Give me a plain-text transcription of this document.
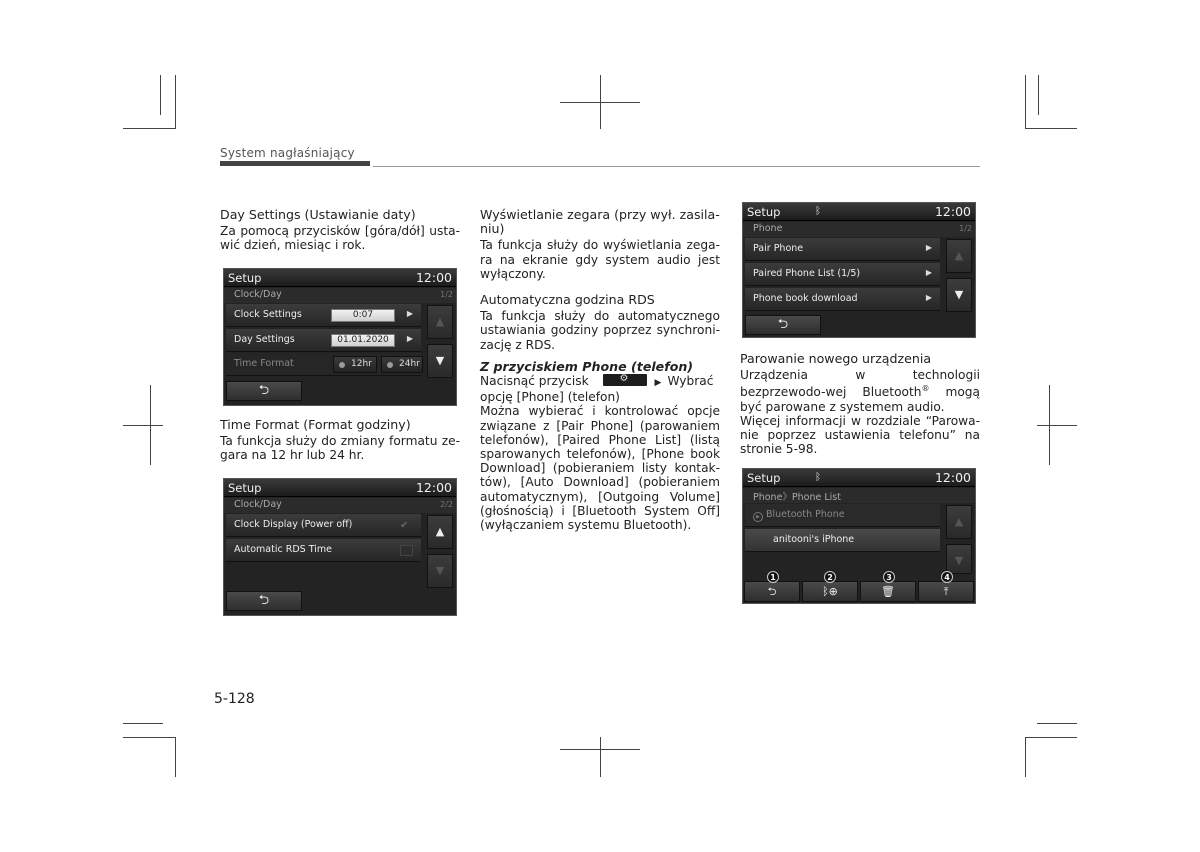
System nagłaśniający
Day Settings (Ustawianie daty)

Za pomocą przycisków [góra/dół] usta-wić dzień, miesiąc i rok.

Setup	12:00
Clock/Day	1/2
Clock Settings	0:07	▶
Day Settings	01.01.2020	▶
Time Format	12hr	24hr
▲
▼
⮌
Time Format (Format godziny)

Ta funkcja służy do zmiany formatu ze-gara na 12 hr lub 24 hr.

Setup	12:00
Clock/Day	2/2
Clock Display (Power off)	✔
Automatic RDS Time
▲
▼
⮌
Wyświetlanie zegara (przy wył. zasila-niu)

Ta funkcja służy do wyświetlania zega-ra na ekranie gdy system audio jest wyłączony.

Automatyczna godzina RDS

Ta funkcja służy do automatycznego ustawiania godziny poprzez synchroni-zację z RDS.

Z przyciskiem Phone (telefon)

Nacisnąć przycisk	⚙	▶ Wybrać opcję [Phone] (telefon)

Można wybierać i kontrolować opcje związane z [Pair Phone] (parowaniem telefonów), [Paired Phone List] (listą sparowanych telefonów), [Phone book Download] (pobieraniem listy kontak-tów), [Auto Download] (pobieraniem automatycznym), [Outgoing Volume] (głośnością) i [Bluetooth System Off] (wyłączaniem systemu Bluetooth).

Setup	ᛒ	12:00
Phone	1/2
Pair Phone	▶
Paired Phone List (1/5)	▶
Phone book download	▶
▲
▼
⮌
Parowanie nowego urządzenia

Urządzenia w technologii bezprzewodo-wej Bluetooth® mogą być parowane z systemem audio.

Więcej informacji w rozdziale “Parowa-nie poprzez ustawienia telefonu” na stronie 5-98.

Setup	ᛒ	12:00
Phone》Phone List
▶ Bluetooth Phone
anitooni's iPhone
▲
▼
⮌	ᛒ⊕	🗑	⤒
1	2	3	4
5-128
